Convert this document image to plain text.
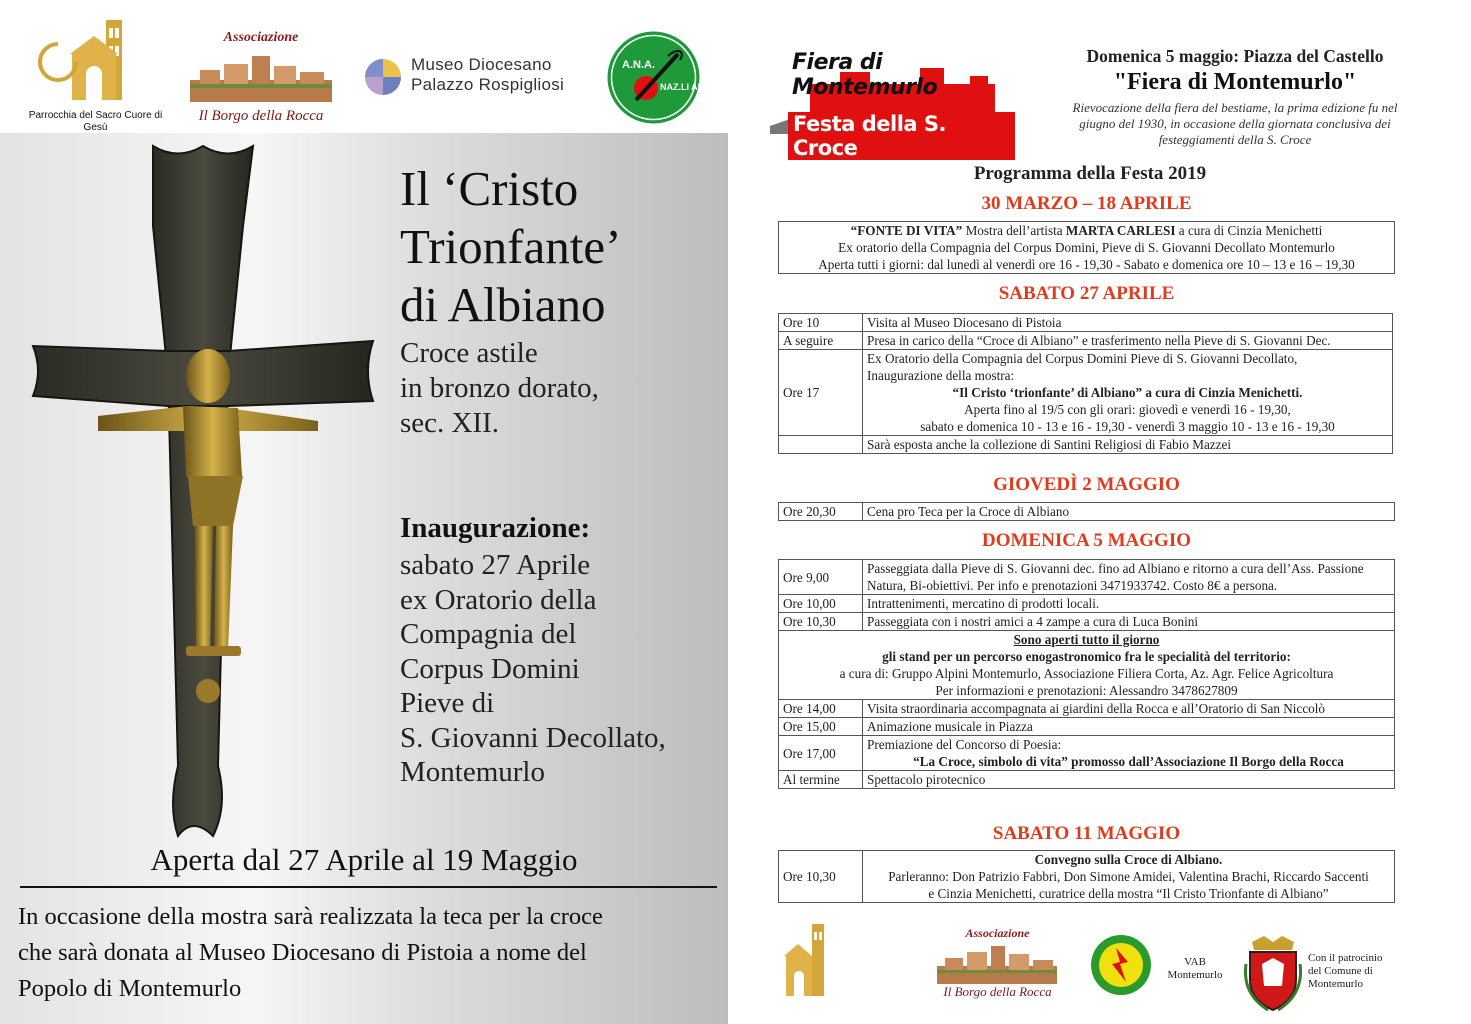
Parrocchia del Sacro Cuore di Gesù
Associazione
Il Borgo della Rocca
Museo Diocesano
Palazzo Rospigliosi
A.N.A.
NAZ.LI ALPINI
Il ‘Cristo
Trionfante’
di Albiano
Croce astile
in bronzo dorato,
sec. XII.
Inaugurazione:
sabato 27 Aprile
ex Oratorio della
Compagnia del
Corpus Domini
Pieve di
S. Giovanni Decollato,
Montemurlo
Aperta dal 27 Aprile al 19 Maggio
In occasione della mostra sarà realizzata la teca per la croce
che sarà donata al Museo Diocesano di Pistoia a nome del
Popolo di Montemurlo
Fiera di Montemurlo
Festa della S. Croce
Domenica 5 maggio: Piazza del Castello
"Fiera di Montemurlo"
Rievocazione della fiera del bestiame, la prima edizione fu nel
giugno del 1930, in occasione della giornata conclusiva dei
festeggiamenti della S. Croce
Programma della Festa 2019
30 MARZO – 18 APRILE
“FONTE DI VITA” Mostra dell’artista MARTA CARLESI a cura di Cinzia Menichetti
Ex oratorio della Compagnia del Corpus Domini, Pieve di S. Giovanni Decollato Montemurlo
Aperta tutti i giorni: dal lunedì al venerdì ore 16 - 19,30 - Sabato e domenica ore 10 – 13 e 16 – 19,30
SABATO 27 APRILE
Ore 10	Visita al Museo Diocesano di Pistoia
A seguire	Presa in carico della “Croce di Albiano” e trasferimento nella Pieve di S. Giovanni Dec.
Ore 17	Ex Oratorio della Compagnia del Corpus Domini Pieve di S. Giovanni Decollato,
Inaugurazione della mostra:
“Il Cristo ‘trionfante’ di Albiano” a cura di Cinzia Menichetti.
Aperta fino al 19/5 con gli orari: giovedì e venerdì 16 - 19,30,
sabato e domenica 10 - 13 e 16 - 19,30 - venerdì 3 maggio 10 - 13 e 16 - 19,30

	Sarà esposta anche la collezione di Santini Religiosi di Fabio Mazzei
GIOVEDÌ 2 MAGGIO
Ore 20,30	Cena pro Teca per la Croce di Albiano
DOMENICA 5 MAGGIO
Ore 9,00	Passeggiata dalla Pieve di S. Giovanni dec. fino ad Albiano e ritorno a cura dell’Ass. Passione
Natura, Bi-obiettivi. Per info e prenotazioni 3471933742. Costo 8€ a persona.

Ore 10,00	Intrattenimenti, mercatino di prodotti locali.
Ore 10,30	Passeggiata con i nostri amici a 4 zampe a cura di Luca Bonini

Sono aperti tutto il giorno
gli stand per un percorso enogastronomico fra le specialità del territorio:
a cura di: Gruppo Alpini Montemurlo, Associazione Filiera Corta, Az. Agr. Felice Agricoltura
Per informazioni e prenotazioni: Alessandro 3478627809	

Ore 14,00	Visita straordinaria accompagnata ai giardini della Rocca e all’Oratorio di San Niccolò
Ore 15,00	Animazione musicale in Piazza
Ore 17,00	Premiazione del Concorso di Poesia:
“La Croce, simbolo di vita” promosso dall’Associazione Il Borgo della Rocca

Al termine	Spettacolo pirotecnico
SABATO 11 MAGGIO
Ore 10,30	
Convegno sulla Croce di Albiano.
Parleranno: Don Patrizio Fabbri, Don Simone Amidei, Valentina Brachi, Riccardo Saccenti
e Cinzia Menichetti, curatrice della mostra “Il Cristo Trionfante di Albiano”
Associazione
Il Borgo della Rocca
VAB
Montemurlo
Con il patrocinio
del Comune di
Montemurlo
